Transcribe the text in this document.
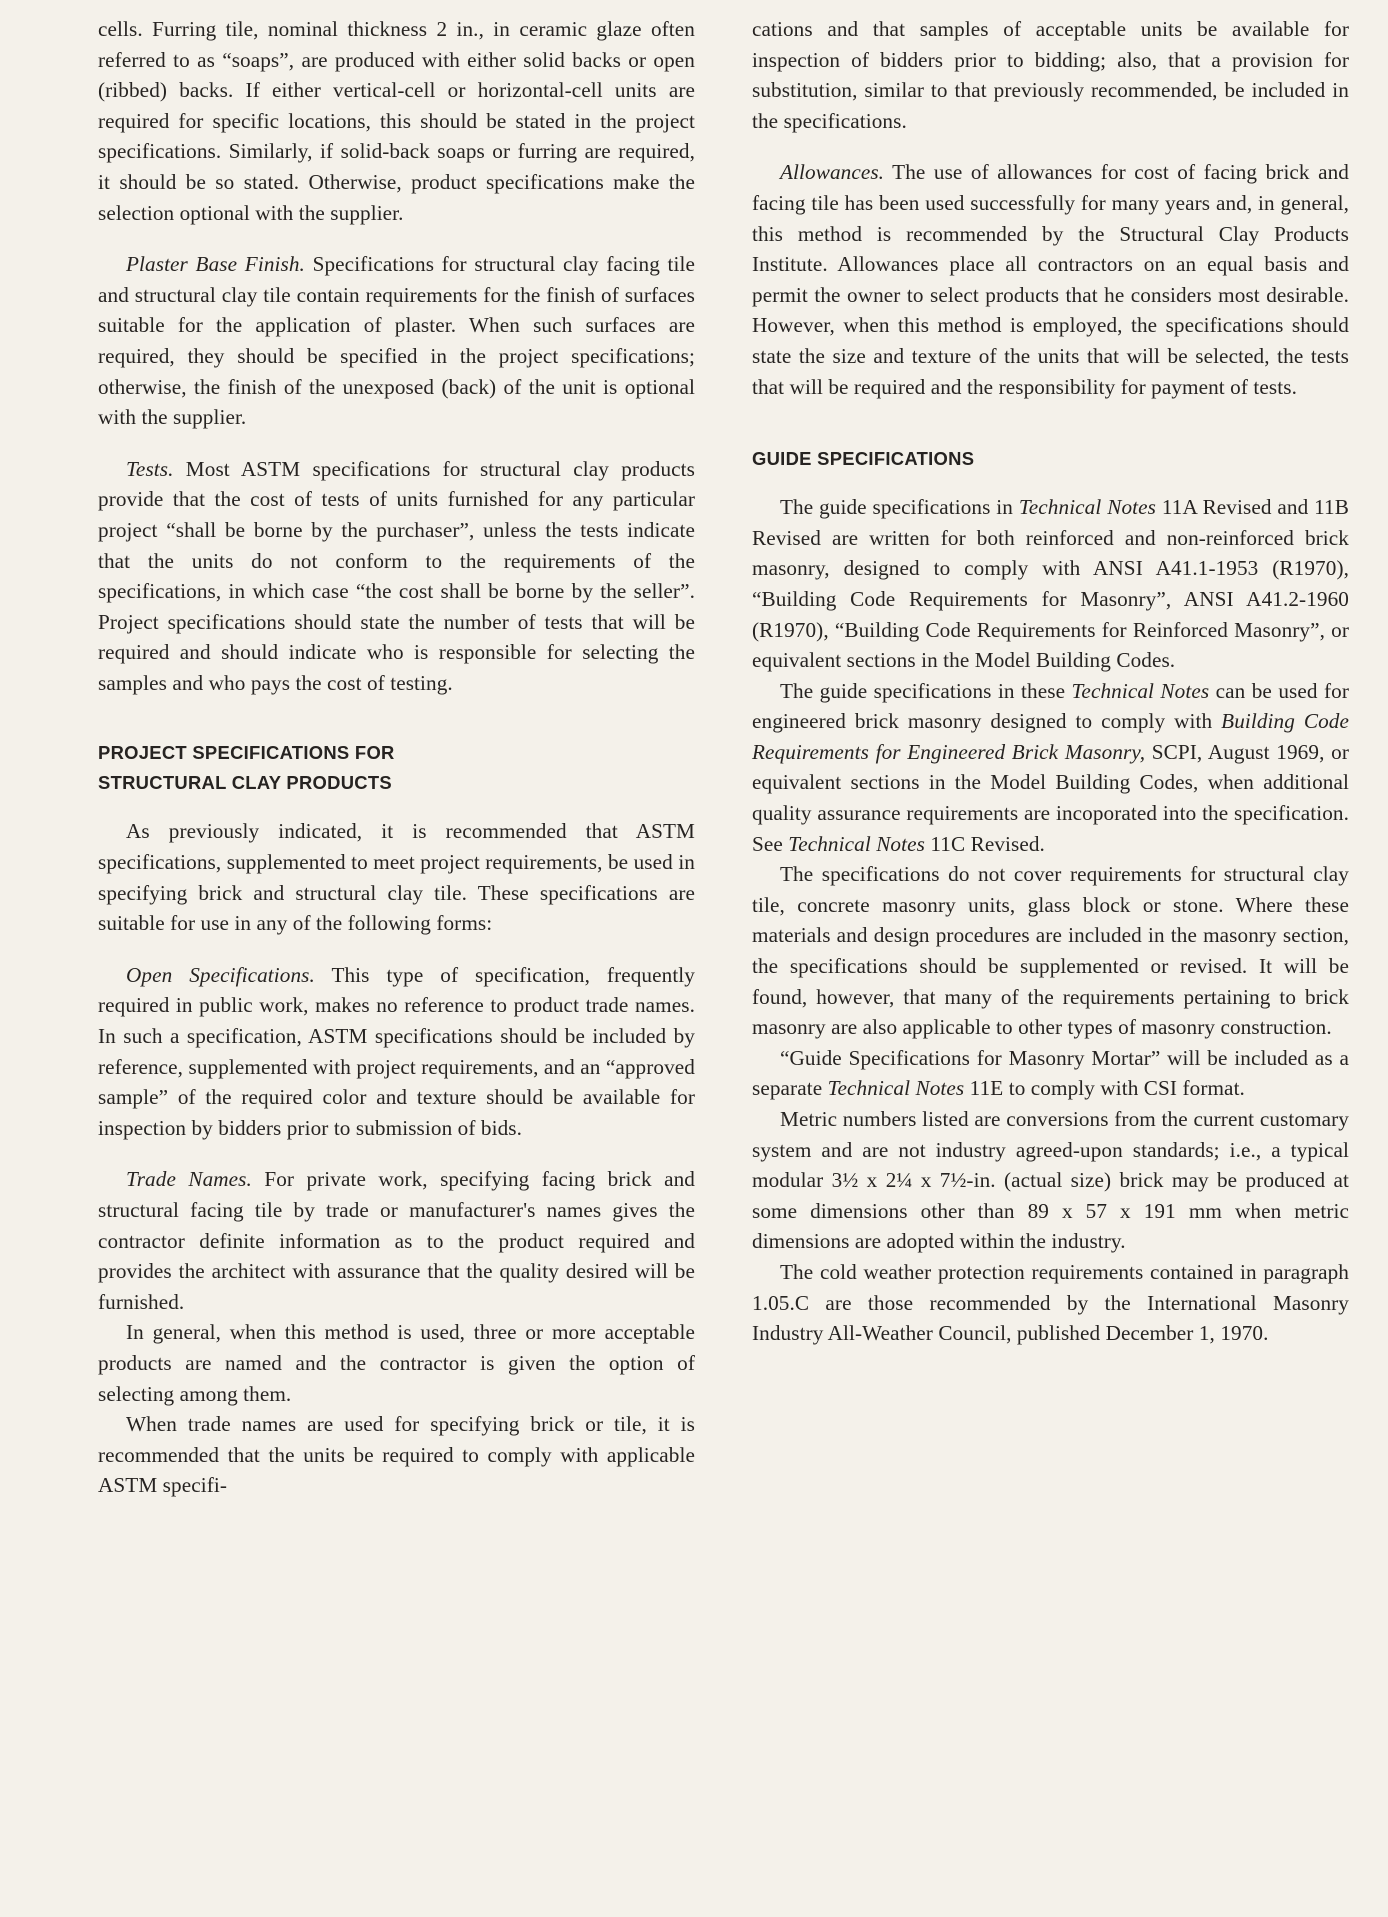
cells. Furring tile, nominal thickness 2 in., in ceramic glaze often referred to as “soaps”, are produced with either solid backs or open (ribbed) backs. If either vertical-cell or horizontal-cell units are required for specific locations, this should be stated in the project specifications. Similarly, if solid-back soaps or furring are required, it should be so stated. Otherwise, product specifications make the selection optional with the supplier.

Plaster Base Finish. Specifications for structural clay facing tile and structural clay tile contain requirements for the finish of surfaces suitable for the application of plaster. When such surfaces are required, they should be specified in the project specifications; otherwise, the finish of the unexposed (back) of the unit is optional with the supplier.

Tests. Most ASTM specifications for structural clay products provide that the cost of tests of units furnished for any particular project “shall be borne by the purchaser”, unless the tests indicate that the units do not conform to the requirements of the specifications, in which case “the cost shall be borne by the seller”. Project specifications should state the number of tests that will be required and should indicate who is responsible for selecting the samples and who pays the cost of testing.

PROJECT SPECIFICATIONS FOR
STRUCTURAL CLAY PRODUCTS

As previously indicated, it is recommended that ASTM specifications, supplemented to meet project requirements, be used in specifying brick and structural clay tile. These specifications are suitable for use in any of the following forms:

Open Specifications. This type of specification, frequently required in public work, makes no reference to product trade names. In such a specification, ASTM specifications should be included by reference, supplemented with project requirements, and an “approved sample” of the required color and texture should be available for inspection by bidders prior to submission of bids.

Trade Names. For private work, specifying facing brick and structural facing tile by trade or manufacturer's names gives the contractor definite information as to the product required and provides the architect with assurance that the quality desired will be furnished.

In general, when this method is used, three or more acceptable products are named and the contractor is given the option of selecting among them.

When trade names are used for specifying brick or tile, it is recommended that the units be required to comply with applicable ASTM specifi-

cations and that samples of acceptable units be available for inspection of bidders prior to bidding; also, that a provision for substitution, similar to that previously recommended, be included in the specifications.

Allowances. The use of allowances for cost of facing brick and facing tile has been used successfully for many years and, in general, this method is recommended by the Structural Clay Products Institute. Allowances place all contractors on an equal basis and permit the owner to select products that he considers most desirable. However, when this method is employed, the specifications should state the size and texture of the units that will be selected, the tests that will be required and the responsibility for payment of tests.

GUIDE SPECIFICATIONS

The guide specifications in Technical Notes 11A Revised and 11B Revised are written for both reinforced and non-reinforced brick masonry, designed to comply with ANSI A41.1-1953 (R1970), “Building Code Requirements for Masonry”, ANSI A41.2-1960 (R1970), “Building Code Requirements for Reinforced Masonry”, or equivalent sections in the Model Building Codes.

The guide specifications in these Technical Notes can be used for engineered brick masonry designed to comply with Building Code Requirements for Engineered Brick Masonry, SCPI, August 1969, or equivalent sections in the Model Building Codes, when additional quality assurance requirements are incoporated into the specification. See Technical Notes 11C Revised.

The specifications do not cover requirements for structural clay tile, concrete masonry units, glass block or stone. Where these materials and design procedures are included in the masonry section, the specifications should be supplemented or revised. It will be found, however, that many of the requirements pertaining to brick masonry are also applicable to other types of masonry construction.

“Guide Specifications for Masonry Mortar” will be included as a separate Technical Notes 11E to comply with CSI format.

Metric numbers listed are conversions from the current customary system and are not industry agreed-upon standards; i.e., a typical modular 3½ x 2¼ x 7½-in. (actual size) brick may be produced at some dimensions other than 89 x 57 x 191 mm when metric dimensions are adopted within the industry.

The cold weather protection requirements contained in paragraph 1.05.C are those recommended by the International Masonry Industry All-Weather Council, published December 1, 1970.
